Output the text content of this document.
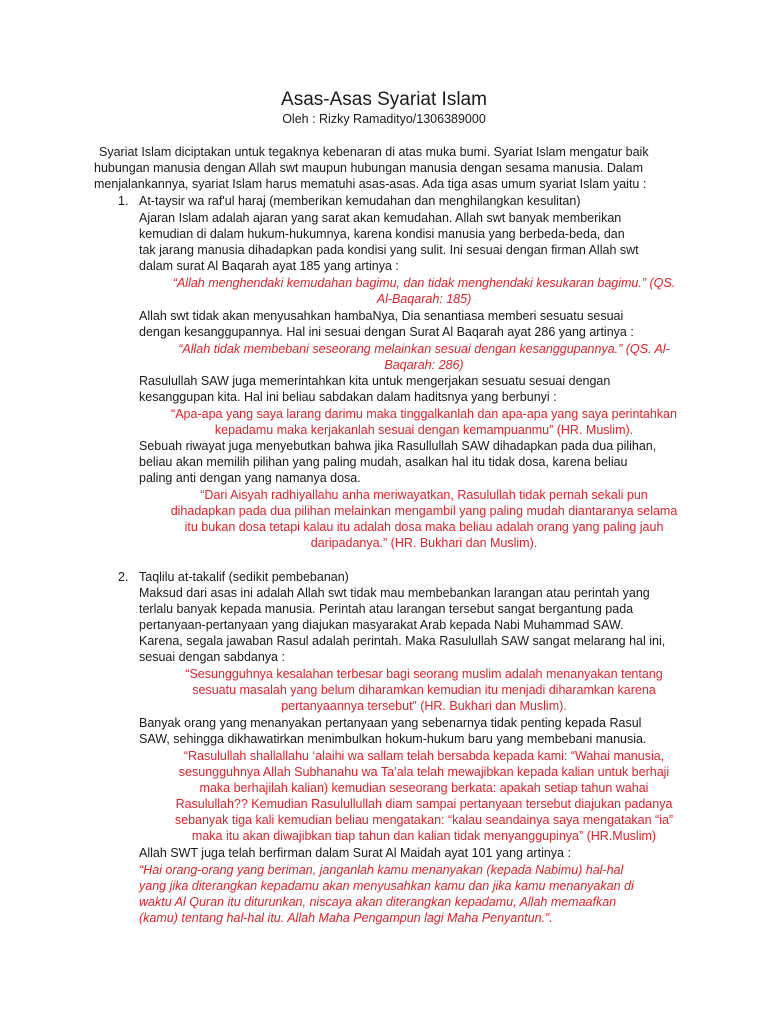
Asas-Asas Syariat Islam
Oleh : Rizky Ramadityo/1306389000
Syariat Islam diciptakan untuk tegaknya kebenaran di atas muka bumi. Syariat Islam mengatur baik
hubungan manusia dengan Allah swt maupun hubungan manusia dengan sesama manusia. Dalam
menjalankannya, syariat Islam harus mematuhi asas-asas. Ada tiga asas umum syariat Islam yaitu :
1. At-taysir wa raf'ul haraj (memberikan kemudahan dan menghilangkan kesulitan)
Ajaran Islam adalah ajaran yang sarat akan kemudahan. Allah swt banyak memberikan
kemudian di dalam hukum-hukumnya, karena kondisi manusia yang berbeda-beda, dan
tak jarang manusia dihadapkan pada kondisi yang sulit. Ini sesuai dengan firman Allah swt
dalam surat Al Baqarah ayat 185 yang artinya :
“Allah menghendaki kemudahan bagimu, dan tidak menghendaki kesukaran bagimu.” (QS.
Al-Baqarah: 185)
Allah swt tidak akan menyusahkan hambaNya, Dia senantiasa memberi sesuatu sesuai
dengan kesanggupannya. Hal ini sesuai dengan Surat Al Baqarah ayat 286 yang artinya :
“Allah tidak membebani seseorang melainkan sesuai dengan kesanggupannya.” (QS. Al-
Baqarah: 286)
Rasulullah SAW juga memerintahkan kita untuk mengerjakan sesuatu sesuai dengan
kesanggupan kita. Hal ini beliau sabdakan dalam haditsnya yang berbunyi :
“Apa-apa yang saya larang darimu maka tinggalkanlah dan apa-apa yang saya perintahkan
kepadamu maka kerjakanlah sesuai dengan kemampuanmu” (HR. Muslim).
Sebuah riwayat juga menyebutkan bahwa jika Rasullullah SAW dihadapkan pada dua pilihan,
beliau akan memilih pilihan yang paling mudah, asalkan hal itu tidak dosa, karena beliau
paling anti dengan yang namanya dosa.
“Dari Aisyah radhiyallahu anha meriwayatkan, Rasulullah tidak pernah sekali pun
dihadapkan pada dua pilihan melainkan mengambil yang paling mudah diantaranya selama
itu bukan dosa tetapi kalau itu adalah dosa maka beliau adalah orang yang paling jauh
daripadanya.” (HR. Bukhari dan Muslim).
2. Taqlilu at-takalif (sedikit pembebanan)
Maksud dari asas ini adalah Allah swt tidak mau membebankan larangan atau perintah yang
terlalu banyak kepada manusia. Perintah atau larangan tersebut sangat bergantung pada
pertanyaan-pertanyaan yang diajukan masyarakat Arab kepada Nabi Muhammad SAW.
Karena, segala jawaban Rasul adalah perintah. Maka Rasulullah SAW sangat melarang hal ini,
sesuai dengan sabdanya :
“Sesungguhnya kesalahan terbesar bagi seorang muslim adalah menanyakan tentang
sesuatu masalah yang belum diharamkan kemudian itu menjadi diharamkan karena
pertanyaannya tersebut” (HR. Bukhari dan Muslim).
Banyak orang yang menanyakan pertanyaan yang sebenarnya tidak penting kepada Rasul
SAW, sehingga dikhawatirkan menimbulkan hokum-hukum baru yang membebani manusia.
“Rasulullah shallallahu ‘alaihi wa sallam telah bersabda kepada kami: “Wahai manusia,
sesungguhnya Allah Subhanahu wa Ta’ala telah mewajibkan kepada kalian untuk berhaji
maka berhajilah kalian) kemudian seseorang berkata: apakah setiap tahun wahai
Rasulullah?? Kemudian Rasulullullah diam sampai pertanyaan tersebut diajukan padanya
sebanyak tiga kali kemudian beliau mengatakan: “kalau seandainya saya mengatakan “ia”
maka itu akan diwajibkan tiap tahun dan kalian tidak menyanggupinya” (HR.Muslim)
Allah SWT juga telah berfirman dalam Surat Al Maidah ayat 101 yang artinya :
“Hai orang-orang yang beriman, janganlah kamu menanyakan (kepada Nabimu) hal-hal
yang jika diterangkan kepadamu akan menyusahkan kamu dan jika kamu menanyakan di
waktu Al Quran itu diturunkan, niscaya akan diterangkan kepadamu, Allah memaafkan
(kamu) tentang hal-hal itu. Allah Maha Pengampun lagi Maha Penyantun.”.
